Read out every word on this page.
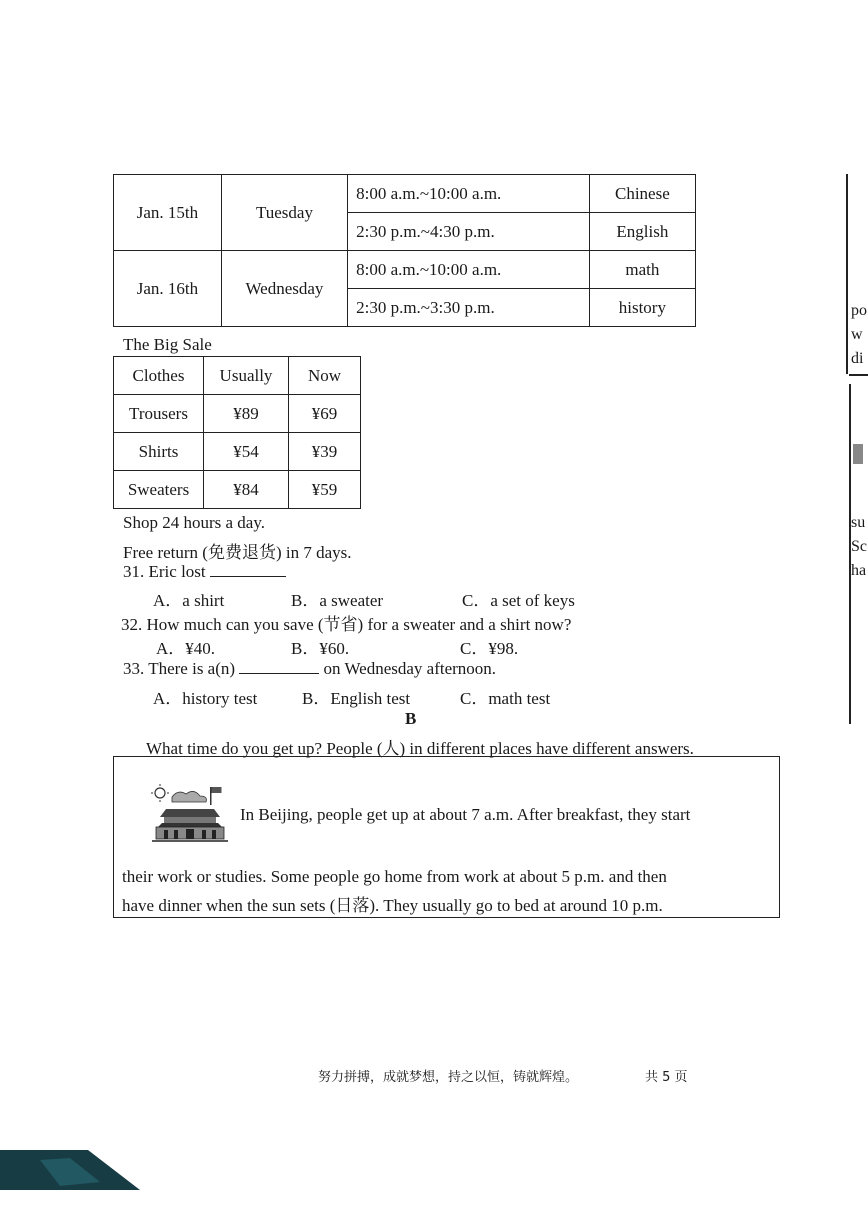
Jan. 15th	Tuesday	8:00 a.m.~10:00 a.m.	Chinese
		2:30 p.m.~4:30 p.m.	English
Jan. 16th	Wednesday	8:00 a.m.~10:00 a.m.	math
		2:30 p.m.~3:30 p.m.	history
The Big Sale
Clothes	Usually	Now
Trousers	¥89	¥69
Shirts	¥54	¥39
Sweaters	¥84	¥59
Shop 24 hours a day.
Free return (免费退货) in 7 days.
31. Eric lost
A．a shirt	B．a sweater	C．a set of keys
32. How much can you save (节省) for a sweater and a shirt now?
A．¥40.	B．¥60.	C．¥98.
33. There is a(n)	on Wednesday afternoon.
A．history test	B．English test	C．math test
B
What time do you get up? People (人) in different places have different answers.
In Beijing, people get up at about 7 a.m. After breakfast, they start
their work or studies. Some people go home from work at about 5 p.m. and then
have dinner when the sun sets (日落). They usually go to bed at around 10 p.m.
努力拼搏，成就梦想，持之以恒，铸就辉煌。	共 5 页
po
w
di
su
Sc
ha
